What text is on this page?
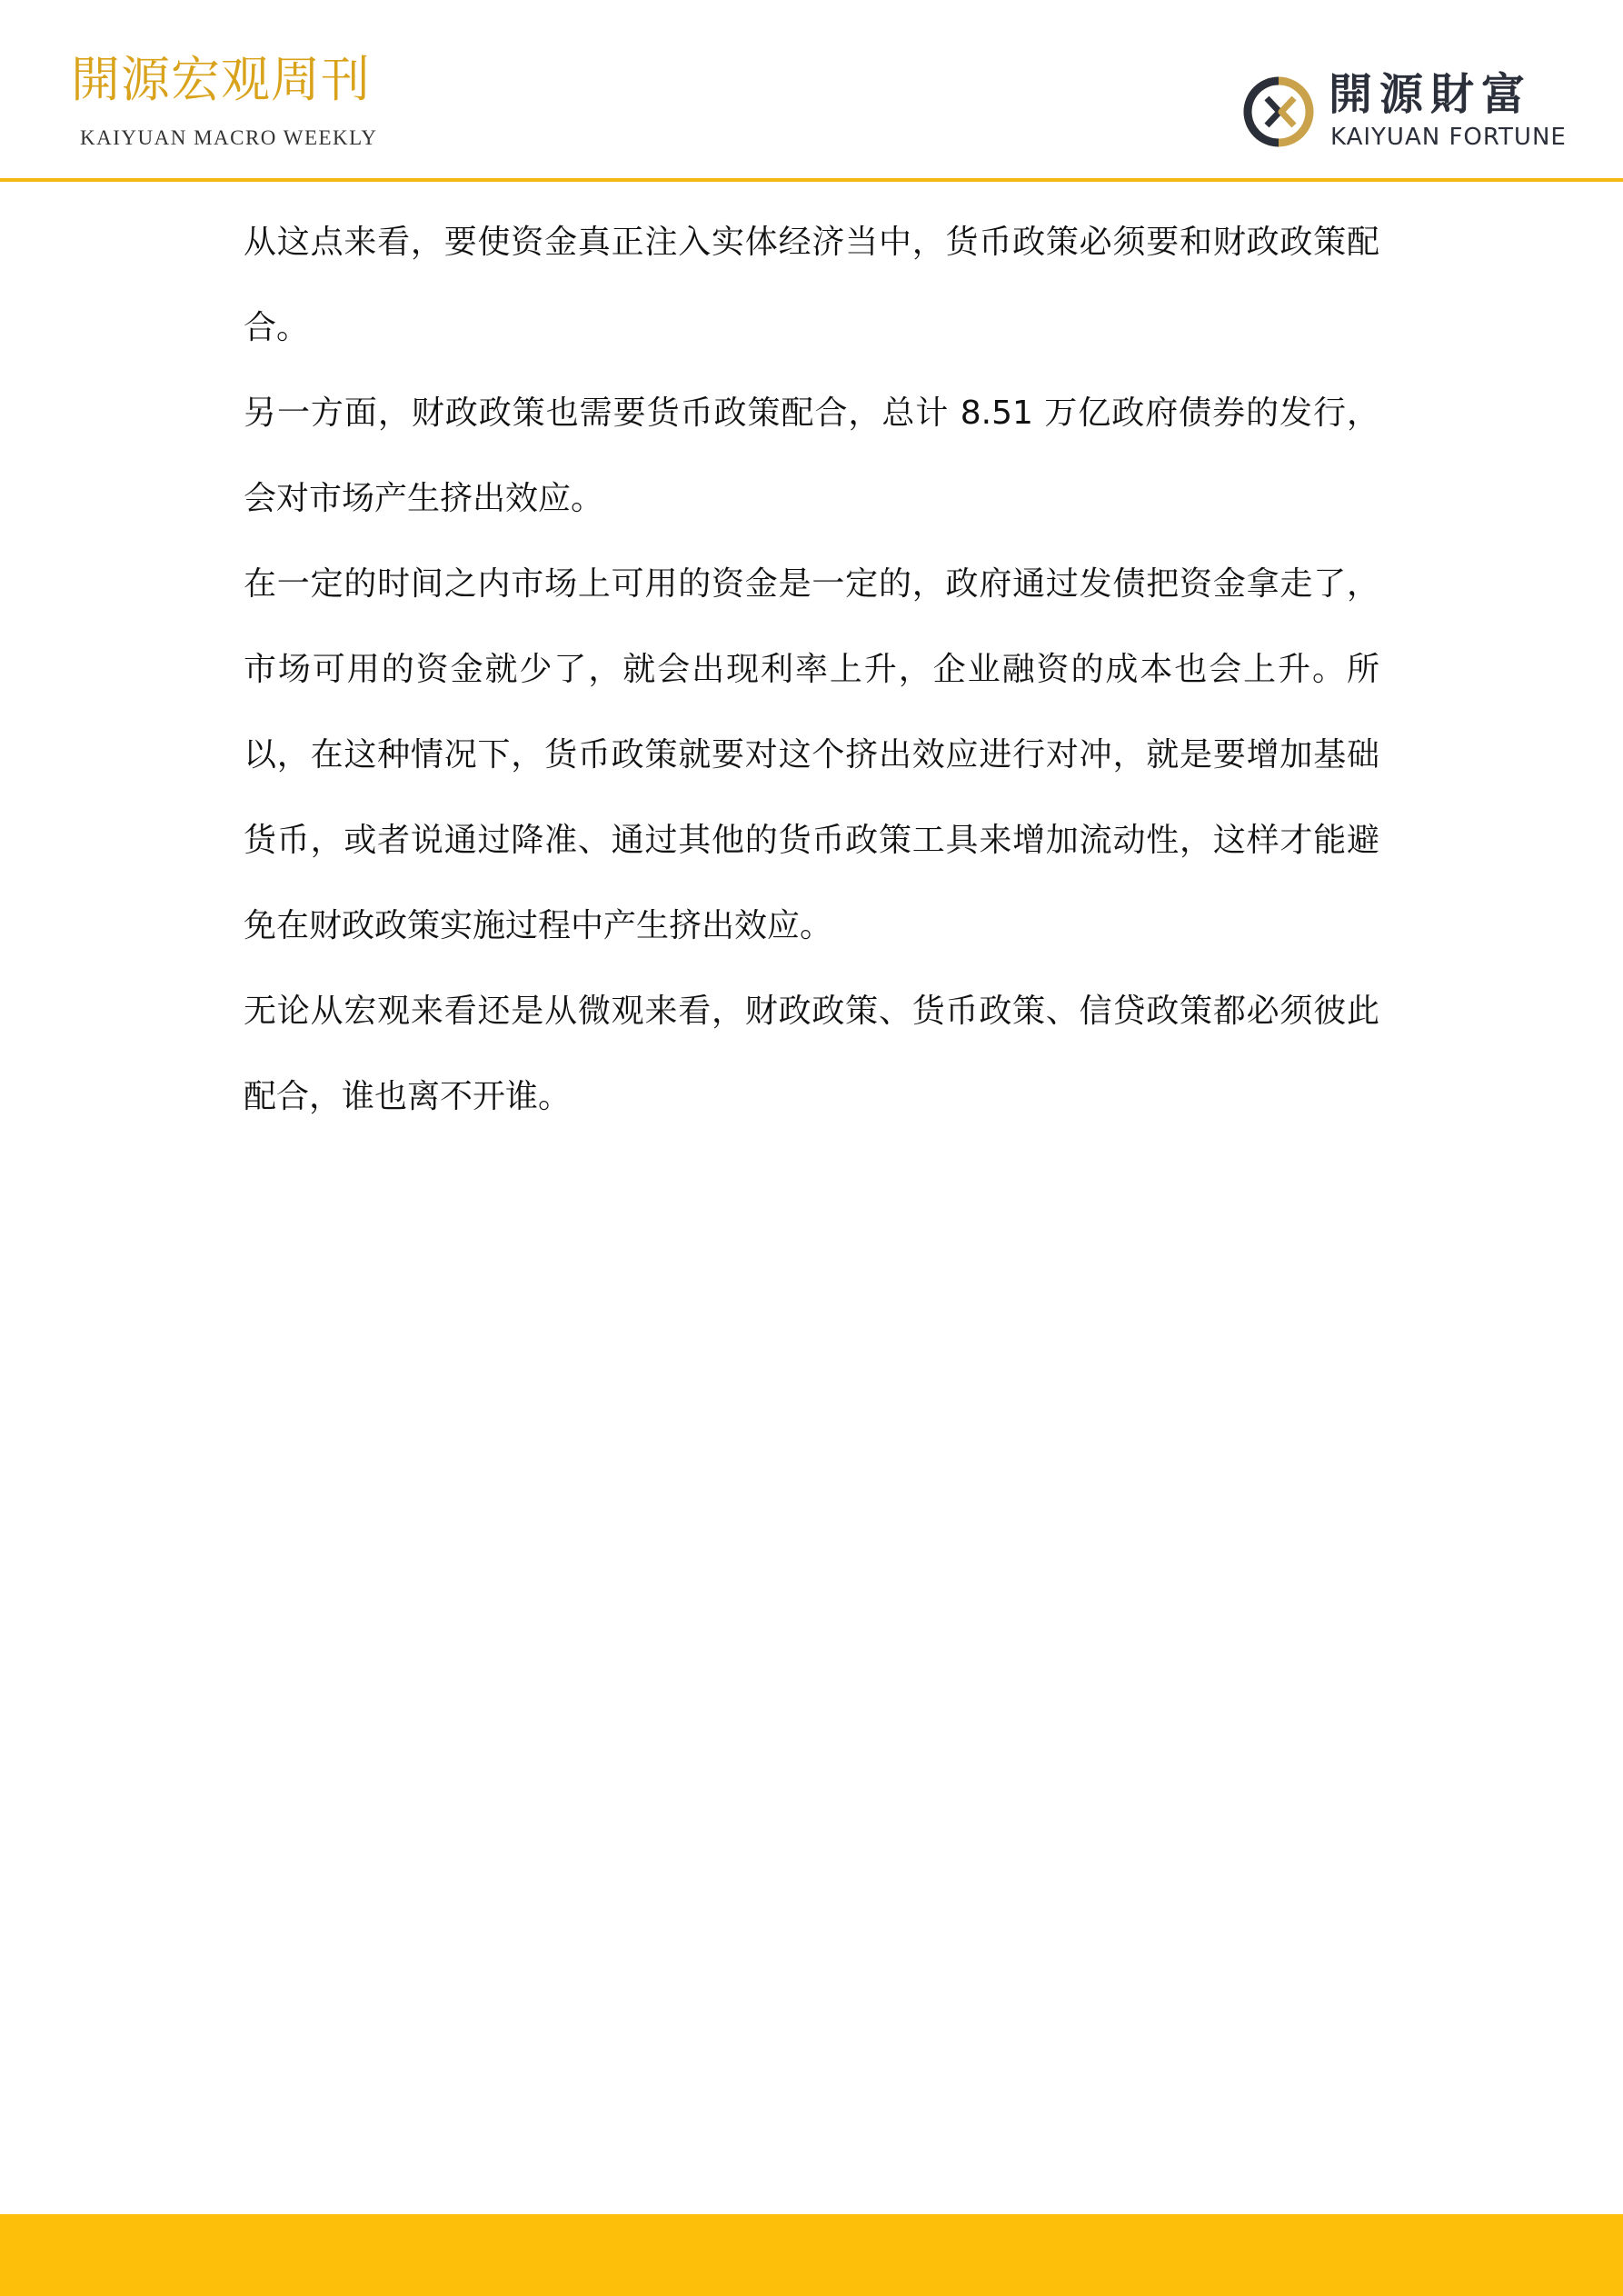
開源宏观周刊
KAIYUAN MACRO WEEKLY
開源財富
KAIYUAN FORTUNE

从这点来看，要使资金真正注入实体经济当中，货币政策必须要和财政政策配合。

另一方面，财政政策也需要货币政策配合，总计 8.51 万亿政府债券的发行，会对市场产生挤出效应。

在一定的时间之内市场上可用的资金是一定的，政府通过发债把资金拿走了，市场可用的资金就少了，就会出现利率上升，企业融资的成本也会上升。所以，在这种情况下，货币政策就要对这个挤出效应进行对冲，就是要增加基础货币，或者说通过降准、通过其他的货币政策工具来增加流动性，这样才能避免在财政政策实施过程中产生挤出效应。

无论从宏观来看还是从微观来看，财政政策、货币政策、信贷政策都必须彼此配合，谁也离不开谁。
